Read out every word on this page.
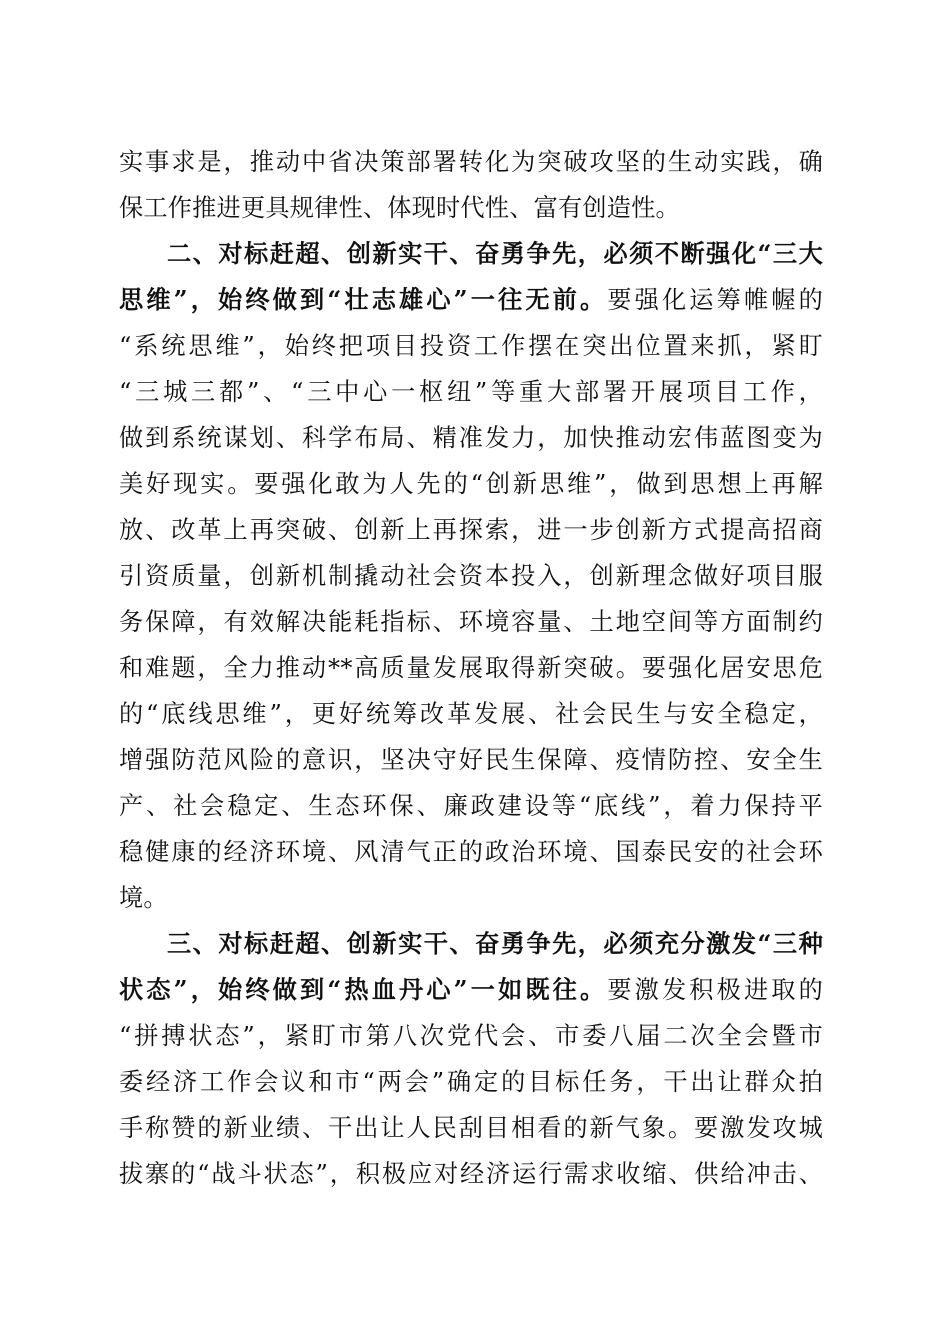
实事求是，推动中省决策部署转化为突破攻坚的生动实践，确
保工作推进更具规律性、体现时代性、富有创造性。
二、对标赶超、创新实干、奋勇争先，必须不断强化“三大
思维”，始终做到“壮志雄心”一往无前。要强化运筹帷幄的
“系统思维”，始终把项目投资工作摆在突出位置来抓，紧盯
“三城三都”、“三中心一枢纽”等重大部署开展项目工作，
做到系统谋划、科学布局、精准发力，加快推动宏伟蓝图变为
美好现实。要强化敢为人先的“创新思维”，做到思想上再解
放、改革上再突破、创新上再探索，进一步创新方式提高招商
引资质量，创新机制撬动社会资本投入，创新理念做好项目服
务保障，有效解决能耗指标、环境容量、土地空间等方面制约
和难题，全力推动**高质量发展取得新突破。要强化居安思危
的“底线思维”，更好统筹改革发展、社会民生与安全稳定，
增强防范风险的意识，坚决守好民生保障、疫情防控、安全生
产、社会稳定、生态环保、廉政建设等“底线”，着力保持平
稳健康的经济环境、风清气正的政治环境、国泰民安的社会环
境。
三、对标赶超、创新实干、奋勇争先，必须充分激发“三种
状态”，始终做到“热血丹心”一如既往。要激发积极进取的
“拼搏状态”，紧盯市第八次党代会、市委八届二次全会暨市
委经济工作会议和市“两会”确定的目标任务，干出让群众拍
手称赞的新业绩、干出让人民刮目相看的新气象。要激发攻城
拔寨的“战斗状态”，积极应对经济运行需求收缩、供给冲击、
